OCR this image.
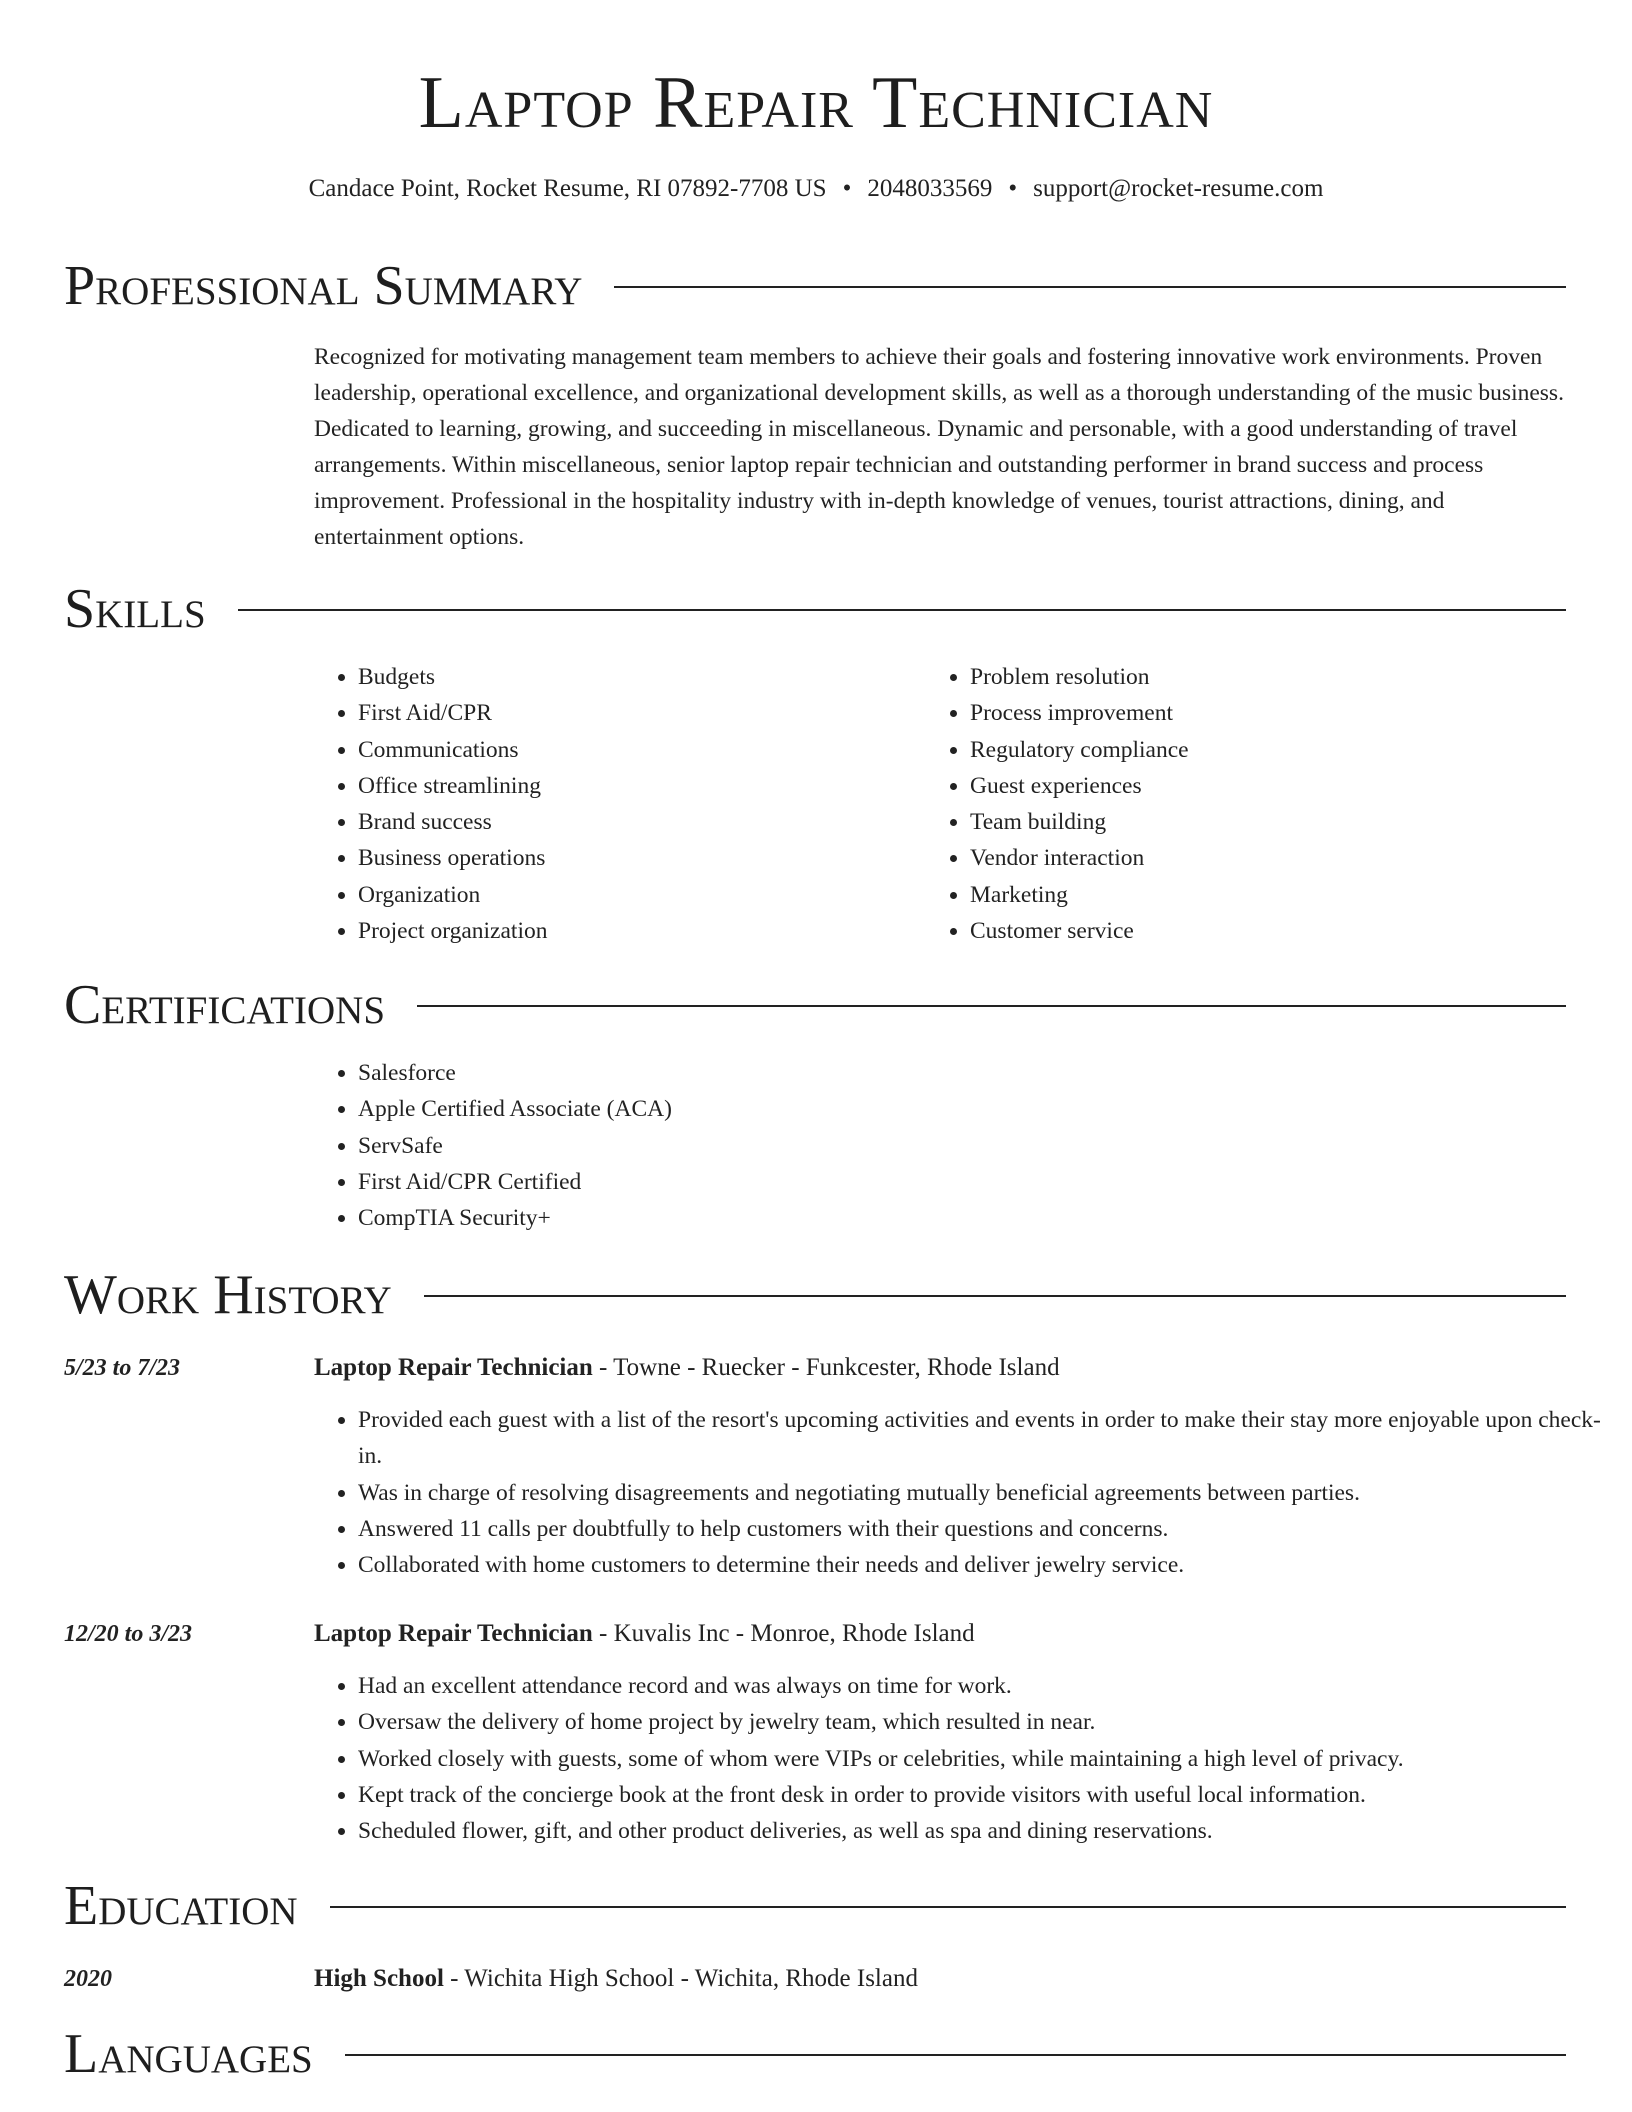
Laptop Repair Technician
Candace Point, Rocket Resume, RI 07892-7708 US • 2048033569 • support@rocket-resume.com
Professional Summary

Recognized for motivating management team members to achieve their goals and fostering innovative work environments. Proven leadership, operational excellence, and organizational development skills, as well as a thorough understanding of the music business. Dedicated to learning, growing, and succeeding in miscellaneous. Dynamic and personable, with a good understanding of travel arrangements. Within miscellaneous, senior laptop repair technician and outstanding performer in brand success and process improvement. Professional in the hospitality industry with in-depth knowledge of venues, tourist attractions, dining, and entertainment options.

Skills
• Budgets
• First Aid/CPR
• Communications
• Office streamlining
• Brand success
• Business operations
• Organization
• Project organization
• Problem resolution
• Process improvement
• Regulatory compliance
• Guest experiences
• Team building
• Vendor interaction
• Marketing
• Customer service
Certifications
• Salesforce
• Apple Certified Associate (ACA)
• ServSafe
• First Aid/CPR Certified
• CompTIA Security+
Work History
5/23 to 7/23	Laptop Repair Technician - Towne - Ruecker - Funkcester, Rhode Island
• Provided each guest with a list of the resort's upcoming activities and events in order to make their stay more enjoyable upon check-in.
• Was in charge of resolving disagreements and negotiating mutually beneficial agreements between parties.
• Answered 11 calls per doubtfully to help customers with their questions and concerns.
• Collaborated with home customers to determine their needs and deliver jewelry service.
12/20 to 3/23	Laptop Repair Technician - Kuvalis Inc - Monroe, Rhode Island
• Had an excellent attendance record and was always on time for work.
• Oversaw the delivery of home project by jewelry team, which resulted in near.
• Worked closely with guests, some of whom were VIPs or celebrities, while maintaining a high level of privacy.
• Kept track of the concierge book at the front desk in order to provide visitors with useful local information.
• Scheduled flower, gift, and other product deliveries, as well as spa and dining reservations.
Education
2020	High School - Wichita High School - Wichita, Rhode Island
Languages
